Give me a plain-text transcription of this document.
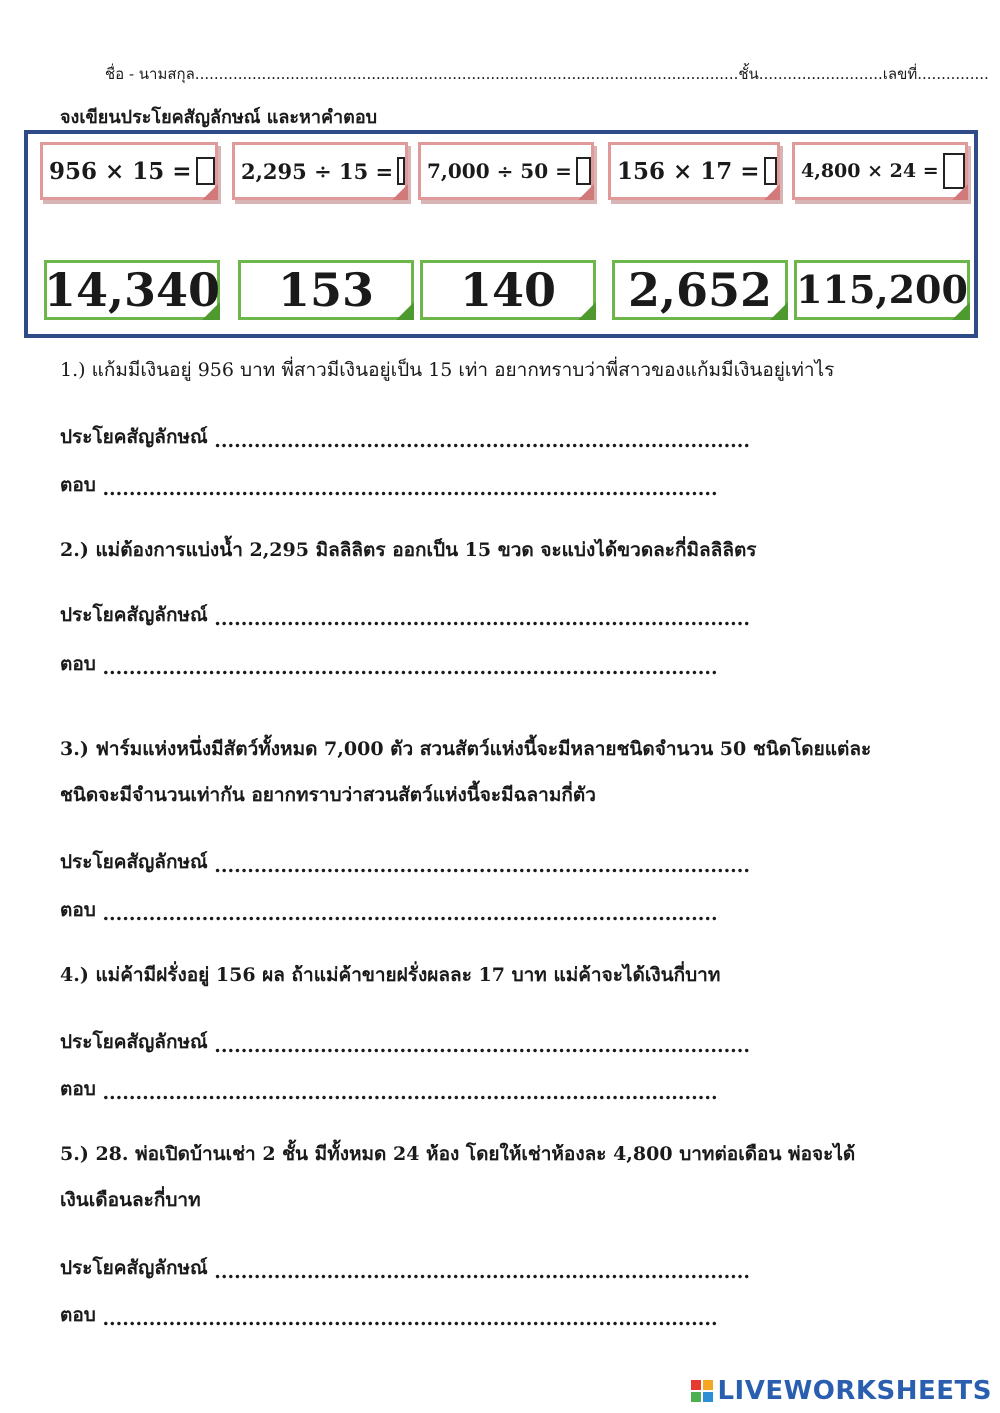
ชื่อ - นามสกุล..................................................................................................................ชั้น..........................เลขที่...............
จงเขียนประโยคสัญลักษณ์ และหาคำตอบ
956 × 15 = 2,295 ÷ 15 = 7,000 ÷ 50 = 156 × 17 = 4,800 × 24 =
14,340 153 140 2,652 115,200
1.) แก้มมีเงินอยู่ 956 บาท พี่สาวมีเงินอยู่เป็น 15 เท่า อยากทราบว่าพี่สาวของแก้มมีเงินอยู่เท่าไร
ประโยคสัญลักษณ์ .................................................................................
ตอบ .............................................................................................
2.) แม่ต้องการแบ่งน้ำ 2,295 มิลลิลิตร ออกเป็น 15 ขวด จะแบ่งได้ขวดละกี่มิลลิลิตร
ประโยคสัญลักษณ์ .................................................................................
ตอบ .............................................................................................
3.) ฟาร์มแห่งหนึ่งมีสัตว์ทั้งหมด 7,000 ตัว สวนสัตว์แห่งนี้จะมีหลายชนิดจำนวน 50 ชนิดโดยแต่ละ
ชนิดจะมีจำนวนเท่ากัน อยากทราบว่าสวนสัตว์แห่งนี้จะมีฉลามกี่ตัว
ประโยคสัญลักษณ์ .................................................................................
ตอบ .............................................................................................
4.) แม่ค้ามีฝรั่งอยู่ 156 ผล ถ้าแม่ค้าขายฝรั่งผลละ 17 บาท แม่ค้าจะได้เงินกี่บาท
ประโยคสัญลักษณ์ .................................................................................
ตอบ .............................................................................................
5.) 28. พ่อเปิดบ้านเช่า 2 ชั้น มีทั้งหมด 24 ห้อง โดยให้เช่าห้องละ 4,800 บาทต่อเดือน พ่อจะได้
เงินเดือนละกี่บาท
ประโยคสัญลักษณ์ .................................................................................
ตอบ .............................................................................................
LIVEWORKSHEETS
